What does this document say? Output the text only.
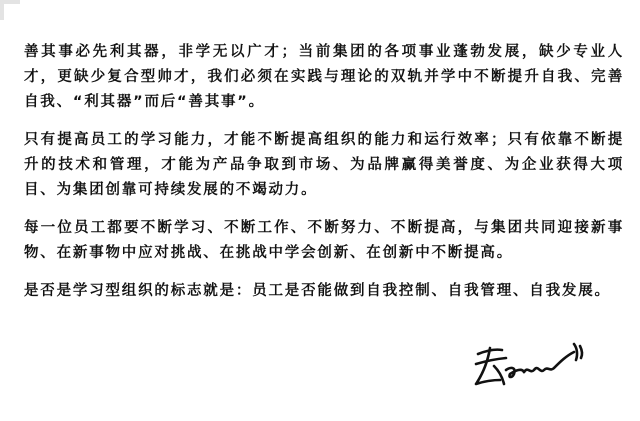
善其事必先利其器，非学无以广才；当前集团的各项事业蓬勃发展，缺少专业人才，更缺少复合型帅才，我们必须在实践与理论的双轨并学中不断提升自我、完善自我、“利其器”而后“善其事”。

只有提高员工的学习能力，才能不断提高组织的能力和运行效率；只有依靠不断提升的技术和管理，才能为产品争取到市场、为品牌赢得美誉度、为企业获得大项目、为集团创靠可持续发展的不竭动力。

每一位员工都要不断学习、不断工作、不断努力、不断提高，与集团共同迎接新事物、在新事物中应对挑战、在挑战中学会创新、在创新中不断提高。

是否是学习型组织的标志就是：员工是否能做到自我控制、自我管理、自我发展。
